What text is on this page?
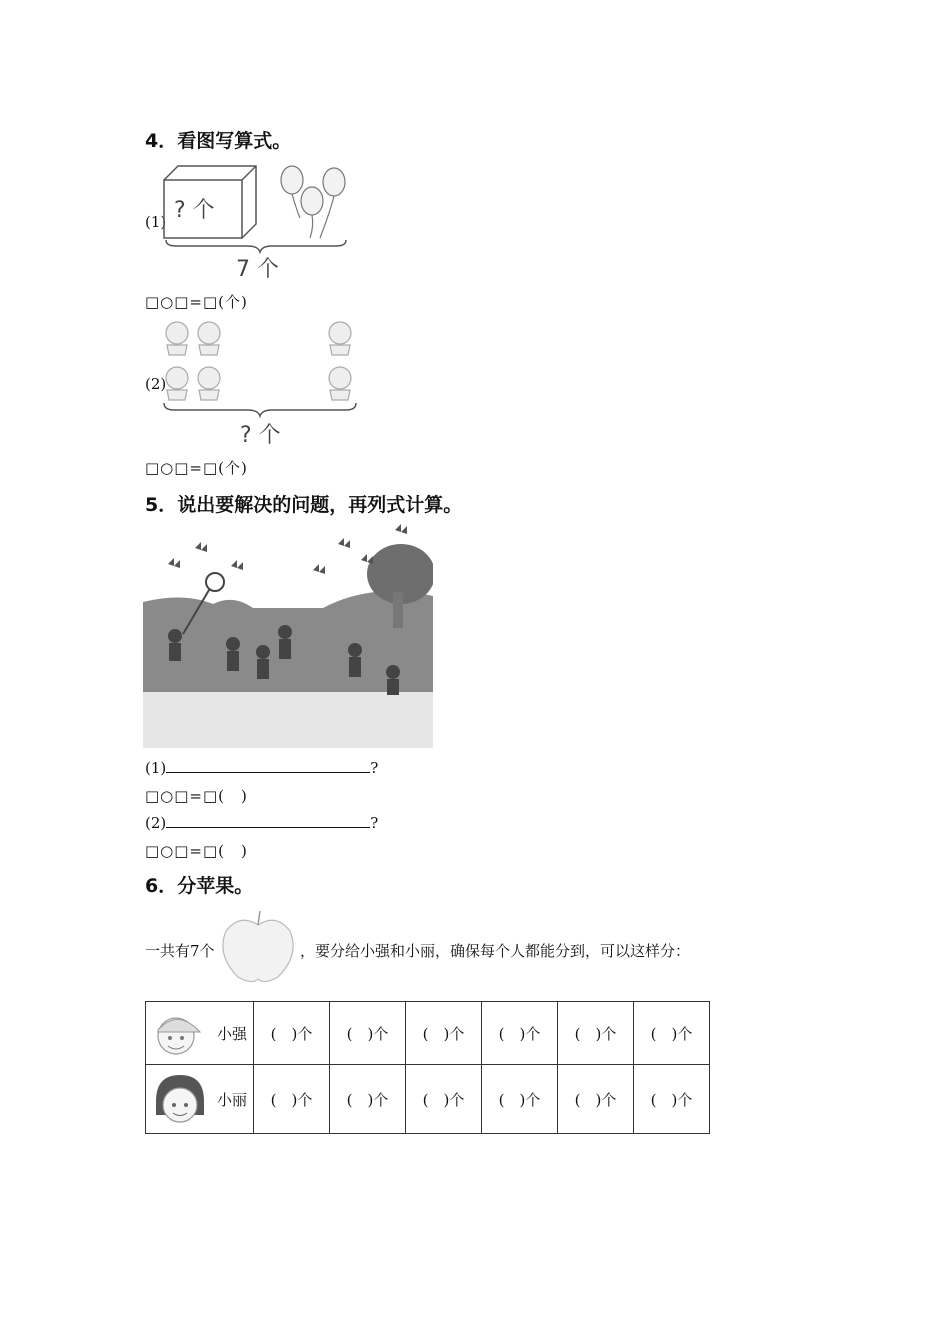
4．看图写算式。
(1) ? 个
7 个
□○□=□(个)
(2)
? 个
□○□=□(个)
5．说出要解决的问题，再列式计算。
(1)	?
□○□=□(　)
(2)	?
□○□=□(　)
6．分苹果。
一共有7个	，要分给小强和小丽，确保每个人都能分到，可以这样分：
小强	(　)个	(　)个	(　)个	(　)个	(　)个	(　)个

小丽	(　)个	(　)个	(　)个	(　)个	(　)个	(　)个
